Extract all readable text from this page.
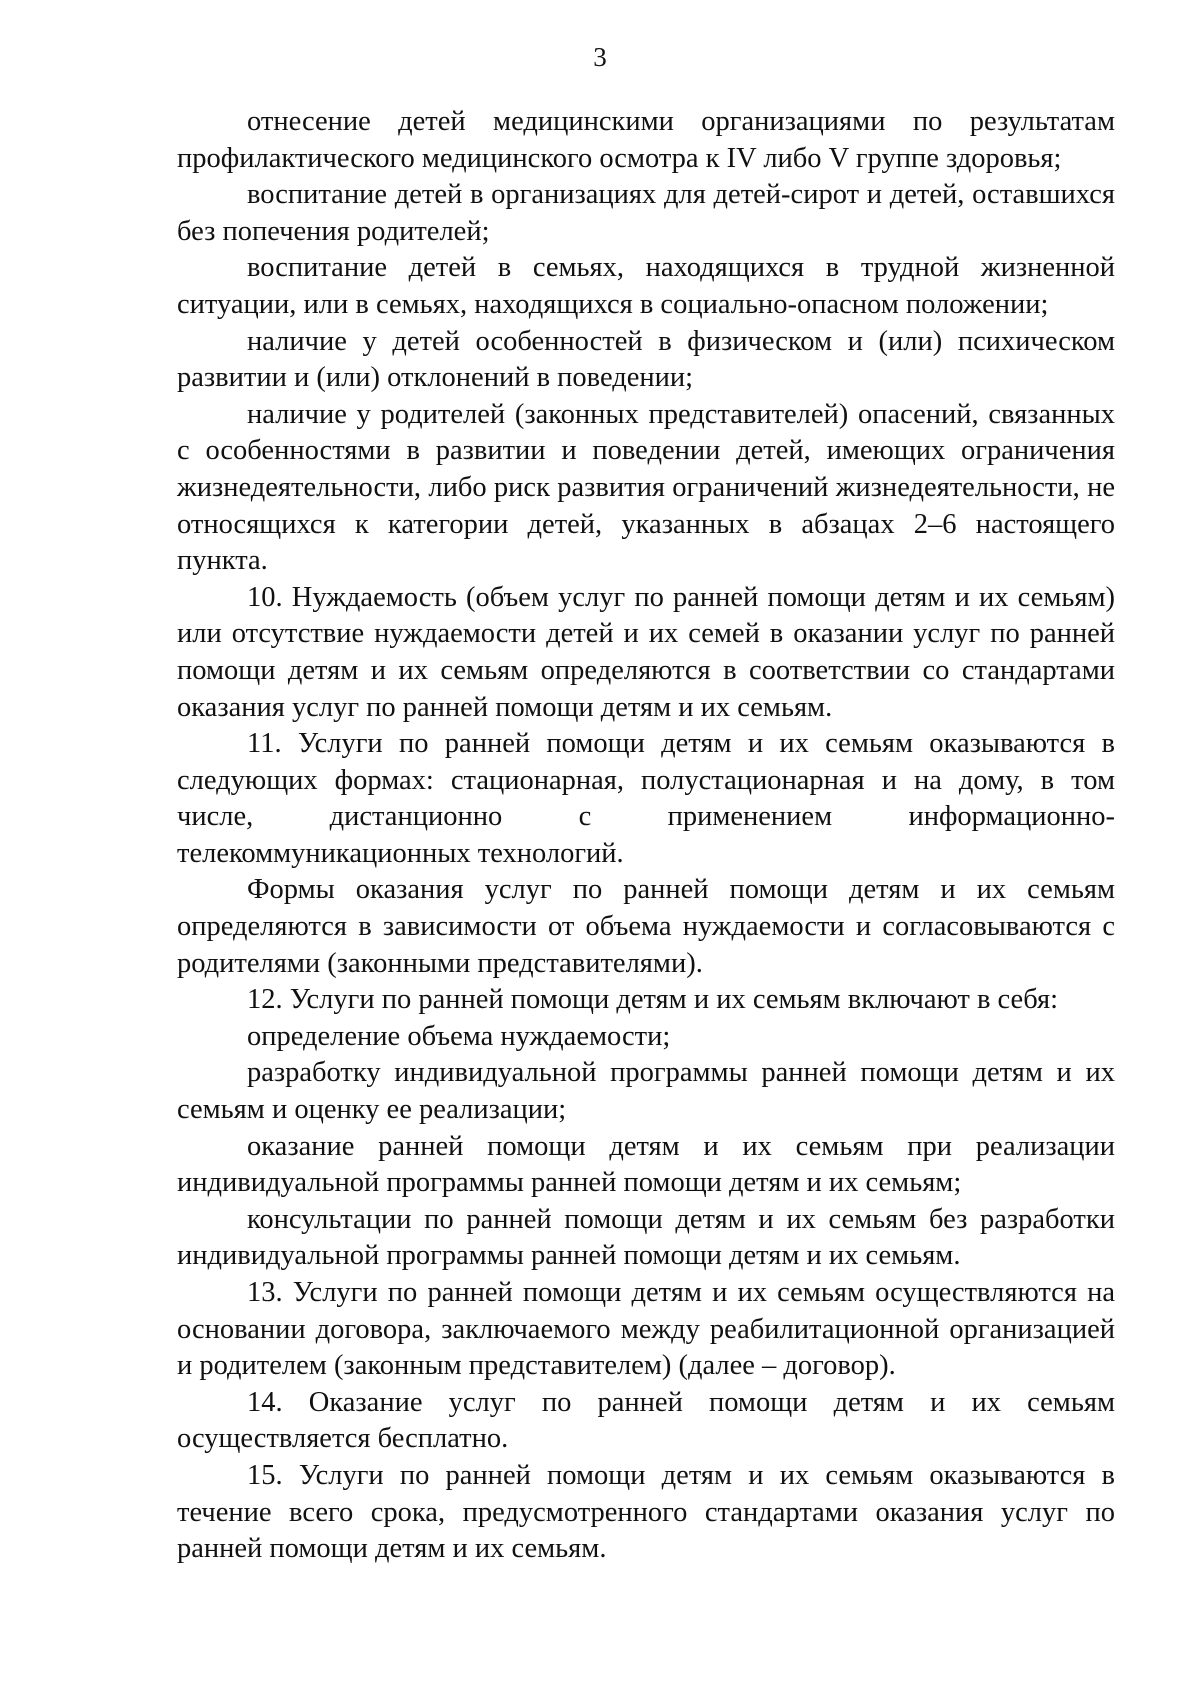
3

отнесение детей медицинскими организациями по результатам профилактического медицинского осмотра к IV либо V группе здоровья;

воспитание детей в организациях для детей-сирот и детей, оставшихся без попечения родителей;

воспитание детей в семьях, находящихся в трудной жизненной ситуации, или в семьях, находящихся в социально-опасном положении;

наличие у детей особенностей в физическом и (или) психическом развитии и (или) отклонений в поведении;

наличие у родителей (законных представителей) опасений, связанных с особенностями в развитии и поведении детей, имеющих ограничения жизнедеятельности, либо риск развития ограничений жизнедеятельности, не относящихся к категории детей, указанных в абзацах 2–6 настоящего пункта.

10. Нуждаемость (объем услуг по ранней помощи детям и их семьям) или отсутствие нуждаемости детей и их семей в оказании услуг по ранней помощи детям и их семьям определяются в соответствии со стандартами оказания услуг по ранней помощи детям и их семьям.

11. Услуги по ранней помощи детям и их семьям оказываются в следующих формах: стационарная, полустационарная и на дому, в том числе, дистанционно с применением информационно-телекоммуникационных технологий.

Формы оказания услуг по ранней помощи детям и их семьям определяются в зависимости от объема нуждаемости и согласовываются с родителями (законными представителями).

12. Услуги по ранней помощи детям и их семьям включают в себя:

определение объема нуждаемости;

разработку индивидуальной программы ранней помощи детям и их семьям и оценку ее реализации;

оказание ранней помощи детям и их семьям при реализации индивидуальной программы ранней помощи детям и их семьям;

консультации по ранней помощи детям и их семьям без разработки индивидуальной программы ранней помощи детям и их семьям.

13. Услуги по ранней помощи детям и их семьям осуществляются на основании договора, заключаемого между реабилитационной организацией и родителем (законным представителем) (далее – договор).

14. Оказание услуг по ранней помощи детям и их семьям осуществляется бесплатно.

15. Услуги по ранней помощи детям и их семьям оказываются в течение всего срока, предусмотренного стандартами оказания услуг по ранней помощи детям и их семьям.
